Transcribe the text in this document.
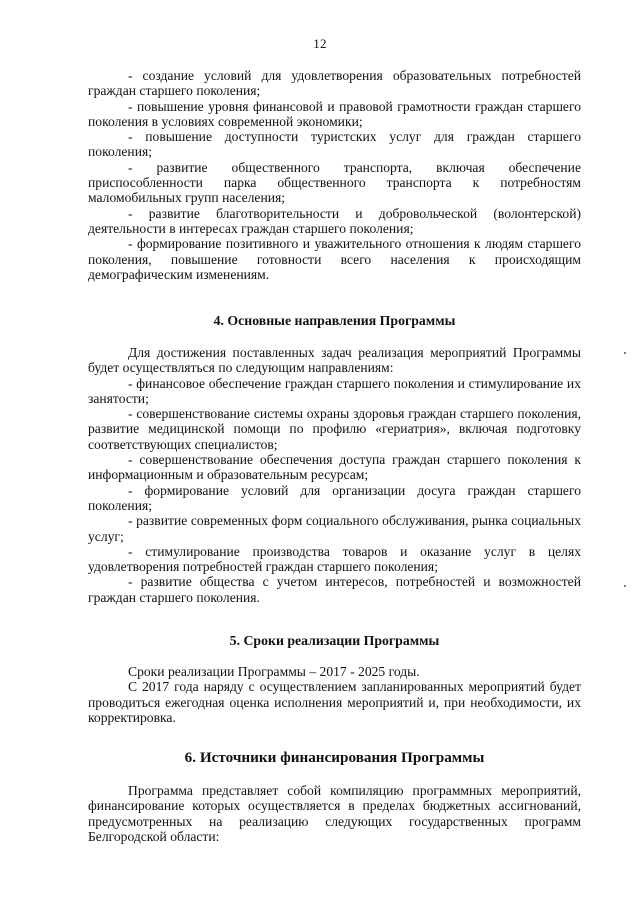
12

- создание условий для удовлетворения образовательных потребностей граждан старшего поколения;

- повышение уровня финансовой и правовой грамотности граждан старшего поколения в условиях современной экономики;

- повышение доступности туристских услуг для граждан старшего поколения;

- развитие общественного транспорта, включая обеспечение приспособленности парка общественного транспорта к потребностям маломобильных групп населения;

- развитие благотворительности и добровольческой (волонтерской) деятельности в интересах граждан старшего поколения;

- формирование позитивного и уважительного отношения к людям старшего поколения, повышение готовности всего населения к происходящим демографическим изменениям.

4. Основные направления Программы

Для достижения поставленных задач реализация мероприятий Программы будет осуществляться по следующим направлениям:

- финансовое обеспечение граждан старшего поколения и стимулирование их занятости;

- совершенствование системы охраны здоровья граждан старшего поколения, развитие медицинской помощи по профилю «гериатрия», включая подготовку соответствующих специалистов;

- совершенствование обеспечения доступа граждан старшего поколения к информационным и образовательным ресурсам;

- формирование условий для организации досуга граждан старшего поколения;

- развитие современных форм социального обслуживания, рынка социальных услуг;

- стимулирование производства товаров и оказание услуг в целях удовлетворения потребностей граждан старшего поколения;

- развитие общества с учетом интересов, потребностей и возможностей граждан старшего поколения.

5. Сроки реализации Программы

Сроки реализации Программы – 2017 - 2025 годы.

С 2017 года наряду с осуществлением запланированных мероприятий будет проводиться ежегодная оценка исполнения мероприятий и, при необходимости, их корректировка.

6. Источники финансирования Программы

Программа представляет собой компиляцию программных мероприятий, финансирование которых осуществляется в пределах бюджетных ассигнований, предусмотренных на реализацию следующих государственных программ Белгородской области:
